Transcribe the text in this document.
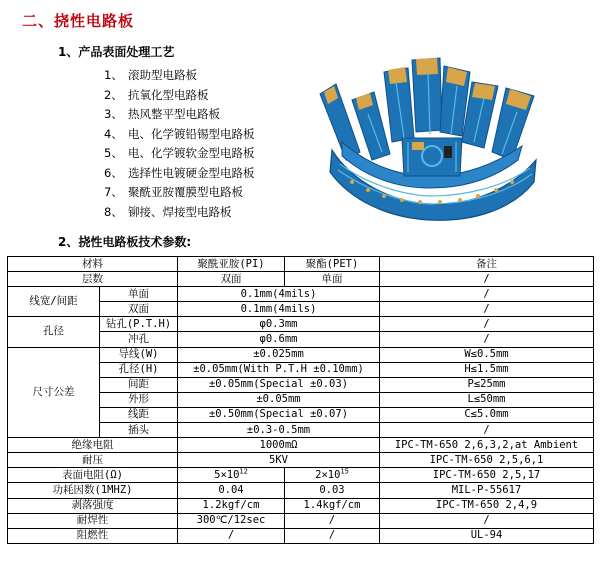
二、挠性电路板
1、产品表面处理工艺
1、 滚助型电路板
2、 抗氧化型电路板
3、 热风整平型电路板
4、 电、化学镀铅锡型电路板
5、 电、化学镀软金型电路板
6、 选择性电镀硬金型电路板
7、 聚酰亚胺覆膜型电路板
8、 铆接、焊接型电路板
2、挠性电路板技术参数:
材料		聚酰亚胺(PI)	聚酯(PET)	备注
层数		双面	单面	/
线宽/间距	单面	0.1mm(4mils)		/
	双面	0.1mm(4mils)		/
孔径	钻孔(P.T.H)	φ0.3mm		/
	冲孔	φ0.6mm		/
尺寸公差	导线(W)	±0.025mm		W≤0.5mm
	孔径(H)	±0.05mm(With P.T.H ±0.10mm)		H≤1.5mm
	间距	±0.05mm(Special ±0.03)		P≤25mm
	外形	±0.05mm		L≤50mm
	线距	±0.50mm(Special ±0.07)		C≤5.0mm
	插头	±0.3-0.5mm		/
绝缘电阻		1000mΩ		IPC-TM-650 2,6,3,2,at Ambient
耐压		5KV		IPC-TM-650 2,5,6,1
表面电阻(Ω)		$5\times 10^{12}$	$2\times 10^{15}$	IPC-TM-650 2,5,17
功耗因数(1MHZ)		0.04	0.03	MIL-P-55617
剥落强度		1.2kgf/cm	1.4kgf/cm	IPC-TM-650 2,4,9
耐焊性		300℃/12sec	/	/
阻燃性		/	/	UL-94
